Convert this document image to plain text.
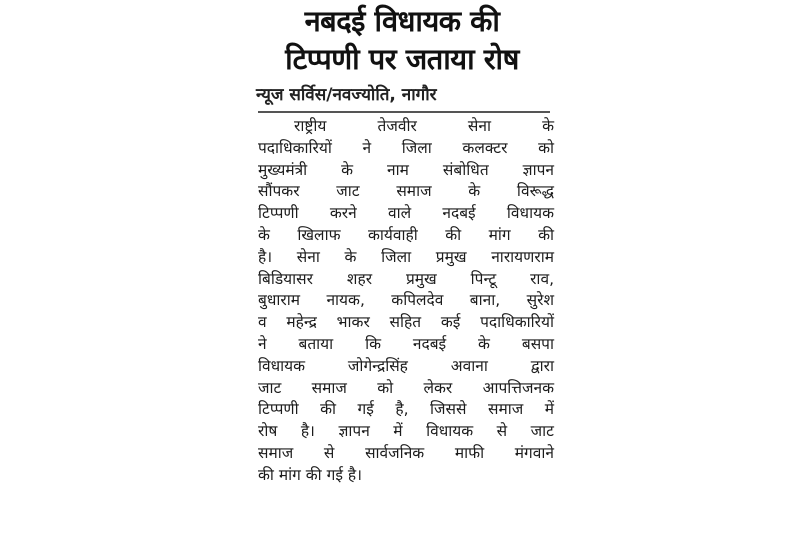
नबदई विधायक की
टिप्पणी पर जताया रोष
न्यूज सर्विस/नवज्योति, नागौर
राष्ट्रीय तेजवीर सेना के
पदाधिकारियों ने जिला कलक्टर को
मुख्यमंत्री के नाम संबोधित ज्ञापन
सौंपकर जाट समाज के विरूद्ध
टिप्पणी करने वाले नदबई विधायक
के खिलाफ कार्यवाही की मांग की
है। सेना के जिला प्रमुख नारायणराम
बिडियासर शहर प्रमुख पिन्टू राव,
बुधाराम नायक, कपिलदेव बाना, सुरेश
व महेन्द्र भाकर सहित कई पदाधिकारियों
ने बताया कि नदबई के बसपा
विधायक जोगेन्द्रसिंह अवाना द्वारा
जाट समाज को लेकर आपत्तिजनक
टिप्पणी की गई है, जिससे समाज में
रोष है। ज्ञापन में विधायक से जाट
समाज से सार्वजनिक माफी मंगवाने
की मांग की गई है।
